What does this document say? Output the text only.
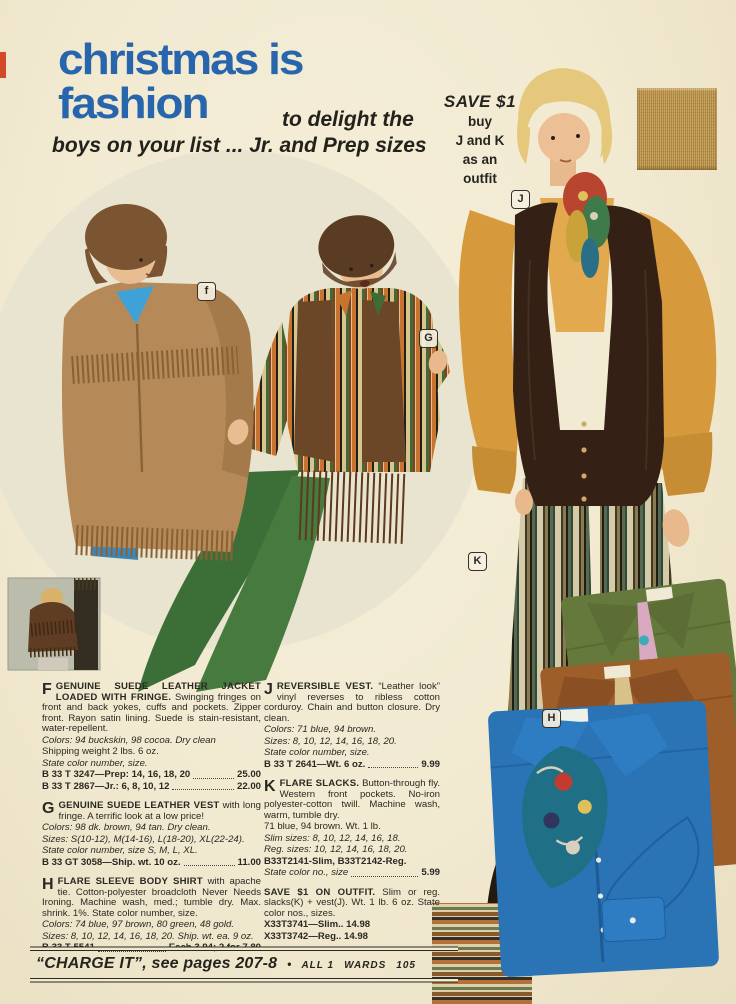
christmas is
fashion	to delight the
boys on your list ... Jr. and Prep sizes
SAVE $1
buy
J and K
as an
outfit
f
G
J
K
H

FGENUINE SUEDE LEATHER JACKET LOADED WITH FRINGE. Swinging fringes on front and back yokes, cuffs and pockets. Zipper front. Rayon satin lining. Suede is stain-resistant, water-repellent.

Colors: 94 buckskin, 98 cocoa. Dry clean

Shipping weight 2 lbs. 6 oz.

State color number, size.

B 33 T 3247—Prep: 14, 16, 18, 20	25.00
B 33 T 2867—Jr.: 6, 8, 10, 12	22.00

GGENUINE SUEDE LEATHER VEST with long fringe. A terrific look at a low price!

Colors: 98 dk. brown, 94 tan. Dry clean.

Sizes: S(10-12), M(14-16), L(18-20), XL(22-24).

State color number, size S, M, L, XL.

B 33 GT 3058—Ship. wt. 10 oz.	11.00

HFLARE SLEEVE BODY SHIRT with apache tie. Cotton-polyester broadcloth Never Needs Ironing. Machine wash, med.; tumble dry. Max. shrink. 1%. State color number, size.

Colors: 74 blue, 97 brown, 80 green, 48 gold.

Sizes: 8, 10, 12, 14, 16, 18, 20. Ship. wt. ea. 9 oz.

B 33 T 5541	Each 3.94; 2 for 7.80

JREVERSIBLE VEST. “Leather look” vinyl reverses to ribless cotton corduroy. Chain and button closure. Dry clean.

Colors: 71 blue, 94 brown.

Sizes: 8, 10, 12, 14, 16, 18, 20.

State color number, size.

B 33 T 2641—Wt. 6 oz.	9.99

KFLARE SLACKS. Button-through fly. Western front pockets. No-iron polyester-cotton twill. Machine wash, warm, tumble dry.

71 blue, 94 brown. Wt. 1 lb.

Slim sizes: 8, 10, 12, 14, 16, 18.

Reg. sizes: 10, 12, 14, 16, 18, 20.

B33T2141-Slim, B33T2142-Reg.

State color no., size	5.99

SAVE $1 ON OUTFIT. Slim or reg. slacks(K) + vest(J). Wt. 1 lb. 6 oz. State color nos., sizes.

X33T3741—Slim.. 14.98

X33T3742—Reg.. 14.98

“CHARGE IT”, see pages 207-8 • ALL 1 WARDS 105
